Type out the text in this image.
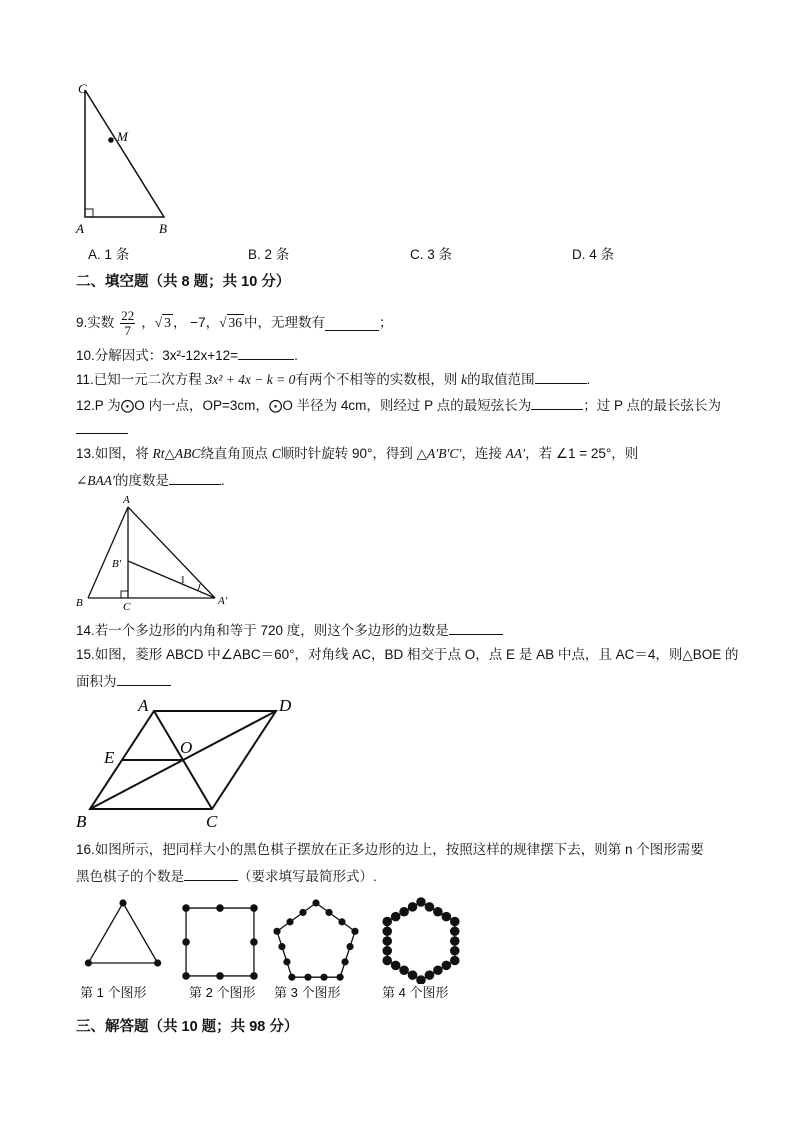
C
M
A	B
A. 1 条	B. 2 条	C. 3 条	D. 4 条
二、填空题（共 8 题；共 10 分）
9.实数 $\frac{22}{7}$ ， √ 3 ， −7， √ 36 中，无理数有	；
10.分解因式：3x²-12x+12=	.
11.已知一元二次方程 3x² + 4x − k = 0有两个不相等的实数根，则 k的取值范围	.
12.P 为⨀O 内一点，OP=3cm，⨀O 半径为 4cm，则经过 P 点的最短弦长为	；过 P 点的最长弦长为
13.如图，将 Rt△ABC绕直角顶点 C顺时针旋转 90°，得到 △A′B′C′，连接 AA′，若 ∠1 = 25°，则
∠BAA′的度数是	.
A
B′
1
B	C	A′
14.若一个多边形的内角和等于 720 度，则这个多边形的边数是
15.如图，菱形 ABCD 中∠ABC＝60°，对角线 AC，BD 相交于点 O，点 E 是 AB 中点，且 AC＝4，则△BOE 的
面积为
A	D
E
O
B	C
16.如图所示，把同样大小的黑色棋子摆放在正多边形的边上，按照这样的规律摆下去，则第 n 个图形需要
黑色棋子的个数是	（要求填写最简形式）.
第 1 个图形	第 2 个图形 第 3 个图形	第 4 个图形
三、解答题（共 10 题；共 98 分）
